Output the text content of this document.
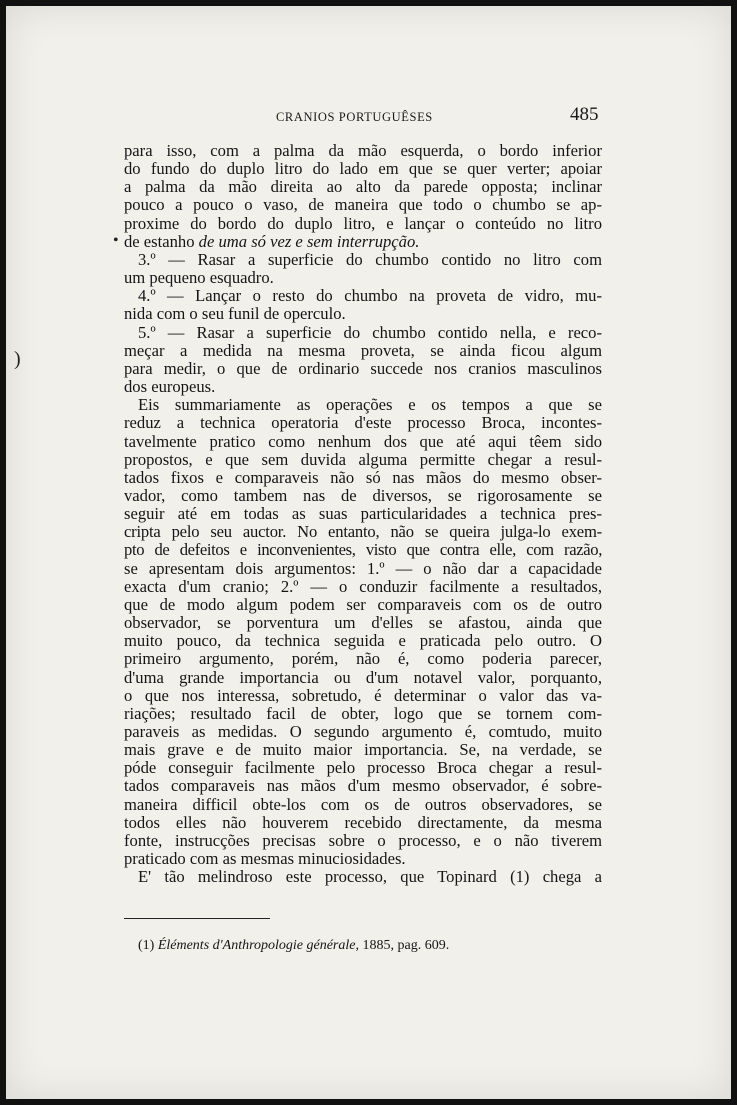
CRANIOS PORTUGUÊSES	485
•
)
para isso, com a palma da mão esquerda, o bordo inferior
do fundo do duplo litro do lado em que se quer verter; apoiar
a palma da mão direita ao alto da parede opposta; inclinar
pouco a pouco o vaso, de maneira que todo o chumbo se ap-
proxime do bordo do duplo litro, e lançar o conteúdo no litro
de estanho de uma só vez e sem interrupção.
3.º — Rasar a superficie do chumbo contido no litro com
um pequeno esquadro.
4.º — Lançar o resto do chumbo na proveta de vidro, mu-
nida com o seu funil de operculo.
5.º — Rasar a superficie do chumbo contido nella, e reco-
meçar a medida na mesma proveta, se ainda ficou algum
para medir, o que de ordinario succede nos cranios masculinos
dos europeus.
Eis summariamente as operações e os tempos a que se
reduz a technica operatoria d'este processo Broca, incontes-
tavelmente pratico como nenhum dos que até aqui têem sido
propostos, e que sem duvida alguma permitte chegar a resul-
tados fixos e comparaveis não só nas mãos do mesmo obser-
vador, como tambem nas de diversos, se rigorosamente se
seguir até em todas as suas particularidades a technica pres-
cripta pelo seu auctor. No entanto, não se queira julga-lo exem-
pto de defeitos e inconvenientes, visto que contra elle, com razão,
se apresentam dois argumentos: 1.º — o não dar a capacidade
exacta d'um cranio; 2.º — o conduzir facilmente a resultados,
que de modo algum podem ser comparaveis com os de outro
observador, se porventura um d'elles se afastou, ainda que
muito pouco, da technica seguida e praticada pelo outro. O
primeiro argumento, porém, não é, como poderia parecer,
d'uma grande importancia ou d'um notavel valor, porquanto,
o que nos interessa, sobretudo, é determinar o valor das va-
riações; resultado facil de obter, logo que se tornem com-
paraveis as medidas. O segundo argumento é, comtudo, muito
mais grave e de muito maior importancia. Se, na verdade, se
póde conseguir facilmente pelo processo Broca chegar a resul-
tados comparaveis nas mãos d'um mesmo observador, é sobre-
maneira difficil obte-los com os de outros observadores, se
todos elles não houverem recebido directamente, da mesma
fonte, instrucções precisas sobre o processo, e o não tiverem
praticado com as mesmas minuciosidades.
E' tão melindroso este processo, que Topinard (1) chega a
(1) Éléments d'Anthropologie générale, 1885, pag. 609.
